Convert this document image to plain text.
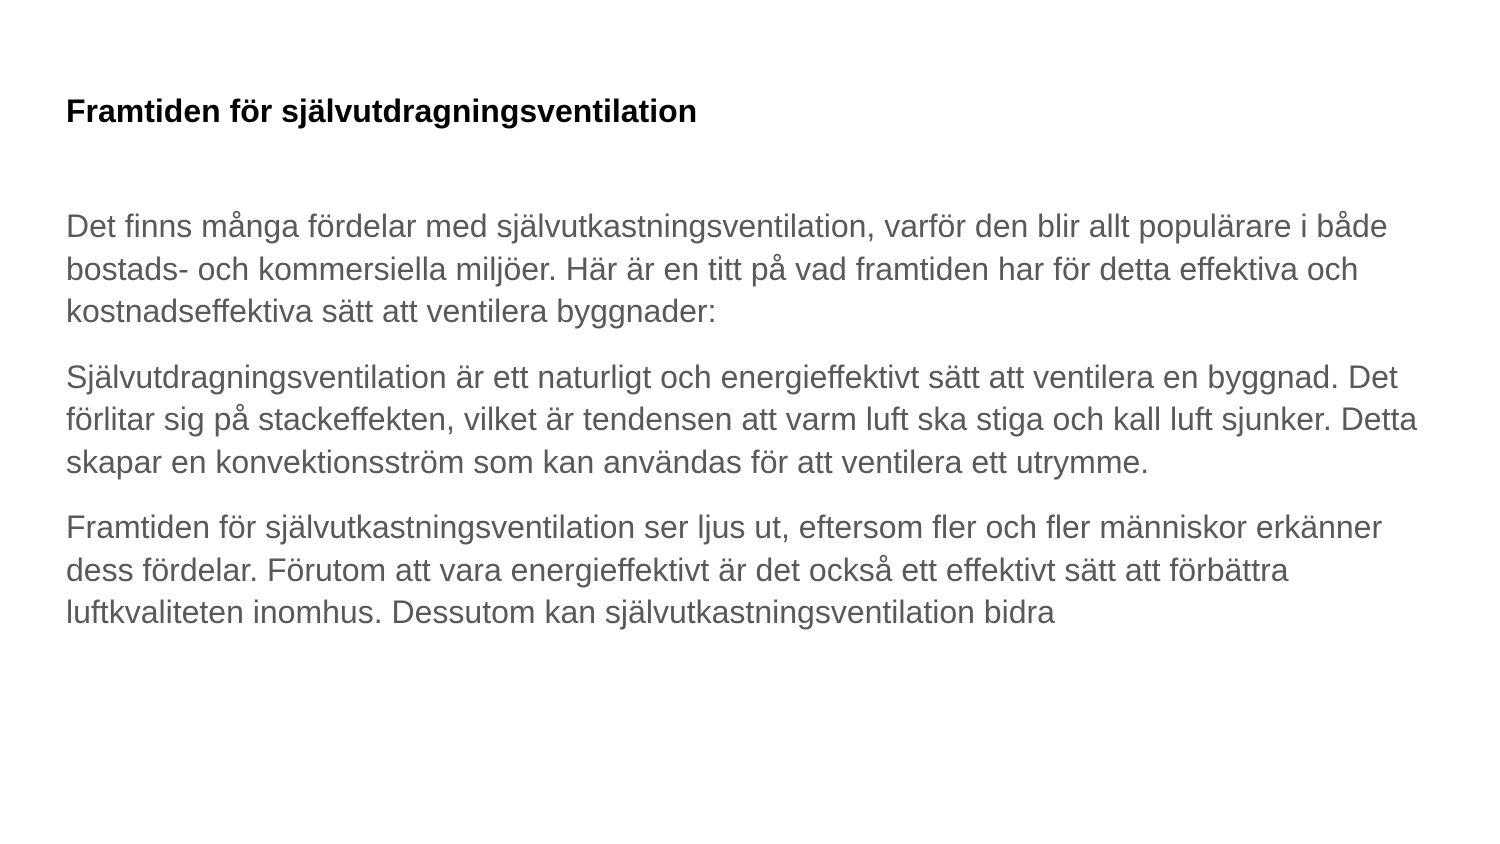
Framtiden för självutdragningsventilation

Det finns många fördelar med självutkastningsventilation, varför den blir allt populärare i både bostads- och kommersiella miljöer. Här är en titt på vad framtiden har för detta effektiva och kostnadseffektiva sätt att ventilera byggnader:

Självutdragningsventilation är ett naturligt och energieffektivt sätt att ventilera en byggnad. Det förlitar sig på stackeffekten, vilket är tendensen att varm luft ska stiga och kall luft sjunker. Detta skapar en konvektionsström som kan användas för att ventilera ett utrymme.

Framtiden för självutkastningsventilation ser ljus ut, eftersom fler och fler människor erkänner dess fördelar. Förutom att vara energieffektivt är det också ett effektivt sätt att förbättra luftkvaliteten inomhus. Dessutom kan självutkastningsventilation bidra
